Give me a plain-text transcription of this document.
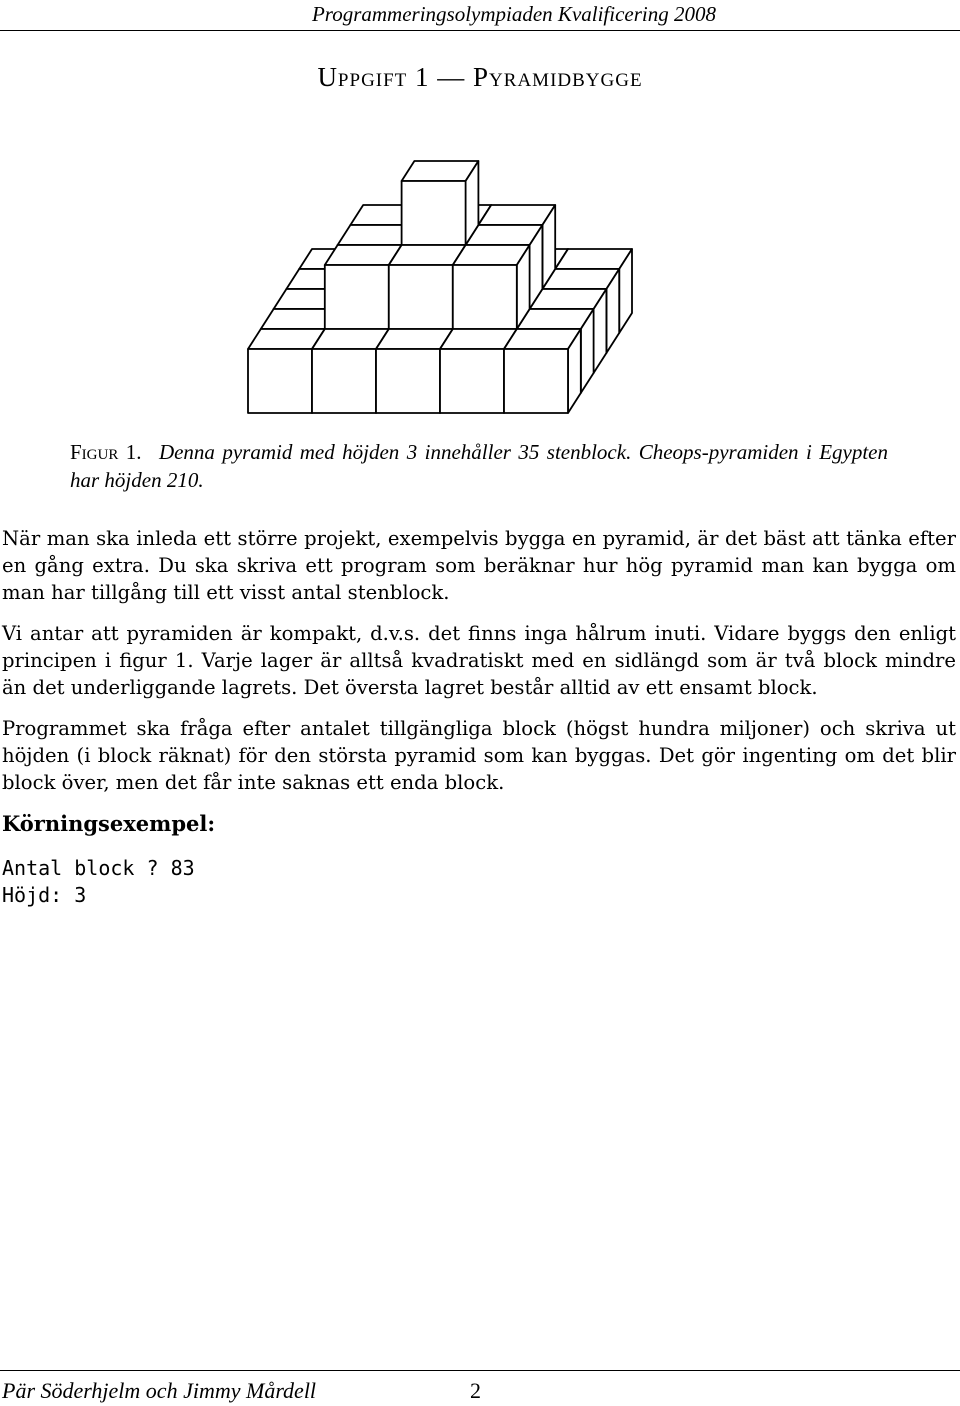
Programmeringsolympiaden Kvalificering 2008
Uppgift 1 — Pyramidbygge
Figur 1. Denna pyramid med höjden 3 innehåller 35 stenblock. Cheops-pyramiden i Egypten har höjden 210.

När man ska inleda ett större projekt, exempelvis bygga en pyramid, är det bäst att tänka efter en gång extra. Du ska skriva ett program som beräknar hur hög pyramid man kan bygga om man har tillgång till ett visst antal stenblock.

Vi antar att pyramiden är kompakt, d.v.s. det finns inga hålrum inuti. Vidare byggs den enligt principen i figur 1. Varje lager är alltså kvadratiskt med en sidlängd som är två block mindre än det underliggande lagrets. Det översta lagret består alltid av ett ensamt block.

Programmet ska fråga efter antalet tillgängliga block (högst hundra miljoner) och skriva ut höjden (i block räknat) för den största pyramid som kan byggas. Det gör ingenting om det blir block över, men det får inte saknas ett enda block.

Körningsexempel:
Antal block ? 83
Höjd: 3
Pär Söderhjelm och Jimmy Mårdell	2
